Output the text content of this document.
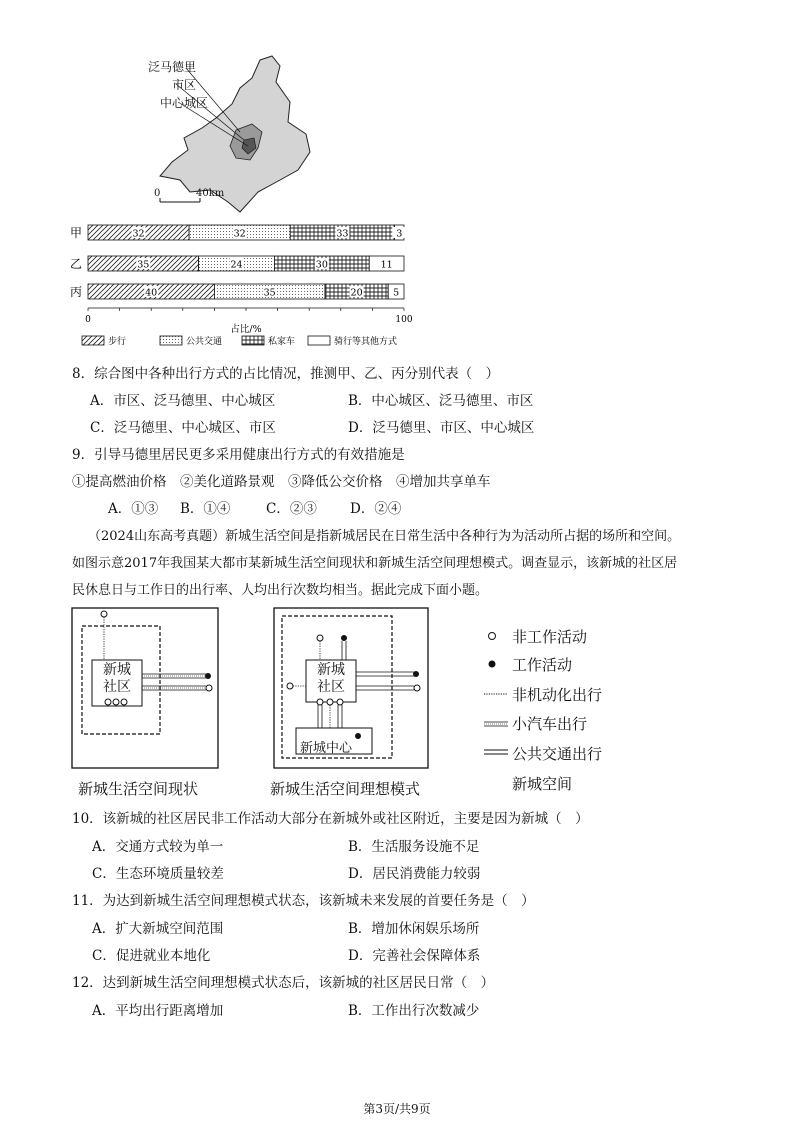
泛马德里
市区
中心城区
0	40km
甲	32	32	33	3
乙	35	24	30	11
丙	40	35	20	5
0	100
占比/%
步行	公共交通	私家车	骑行等其他方式
8．综合图中各种出行方式的占比情况，推测甲、乙、丙分别代表（　）
A．市区、泛马德里、中心城区	B．中心城区、泛马德里、市区
C．泛马德里、中心城区、市区	D．泛马德里、市区、中心城区
9．引导马德里居民更多采用健康出行方式的有效措施是
①提高燃油价格　②美化道路景观　③降低公交价格　④增加共享单车
A．①③ B．①④	C．②③ D．②④
（2024山东高考真题）新城生活空间是指新城居民在日常生活中各种行为为活动所占据的场所和空间。
如图示意2017年我国某大都市某新城生活空间现状和新城生活空间理想模式。调查显示，该新城的社区居
民休息日与工作日的出行率、人均出行次数均相当。据此完成下面小题。
新城
社区
新城
社区
新城中心
新城生活空间现状	新城生活空间理想模式
非工作活动
工作活动
非机动化出行
小汽车出行
公共交通出行
新城空间
10．该新城的社区居民非工作活动大部分在新城外或社区附近，主要是因为新城（　）
A．交通方式较为单一	B．生活服务设施不足
C．生态环境质量较差	D．居民消费能力较弱
11．为达到新城生活空间理想模式状态，该新城未来发展的首要任务是（　）
A．扩大新城空间范围	B．增加休闲娱乐场所
C．促进就业本地化	D．完善社会保障体系
12．达到新城生活空间理想模式状态后，该新城的社区居民日常（　）
A．平均出行距离增加	B．工作出行次数减少
第3页/共9页
